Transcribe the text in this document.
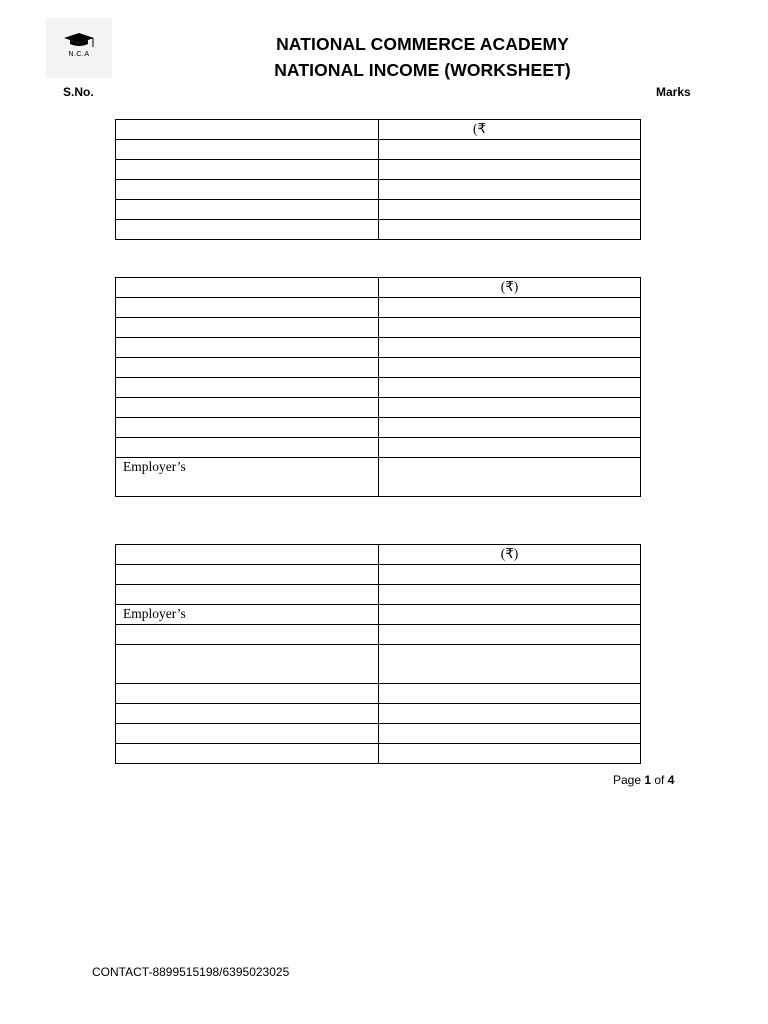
N.C.A
NATIONAL COMMERCE ACADEMY
NATIONAL INCOME (WORKSHEET)
S.No.	Marks
	(₹

	(₹)

Employer’s	
	(₹)

Employer’s	

Page 1 of 4
CONTACT-8899515198/6395023025
